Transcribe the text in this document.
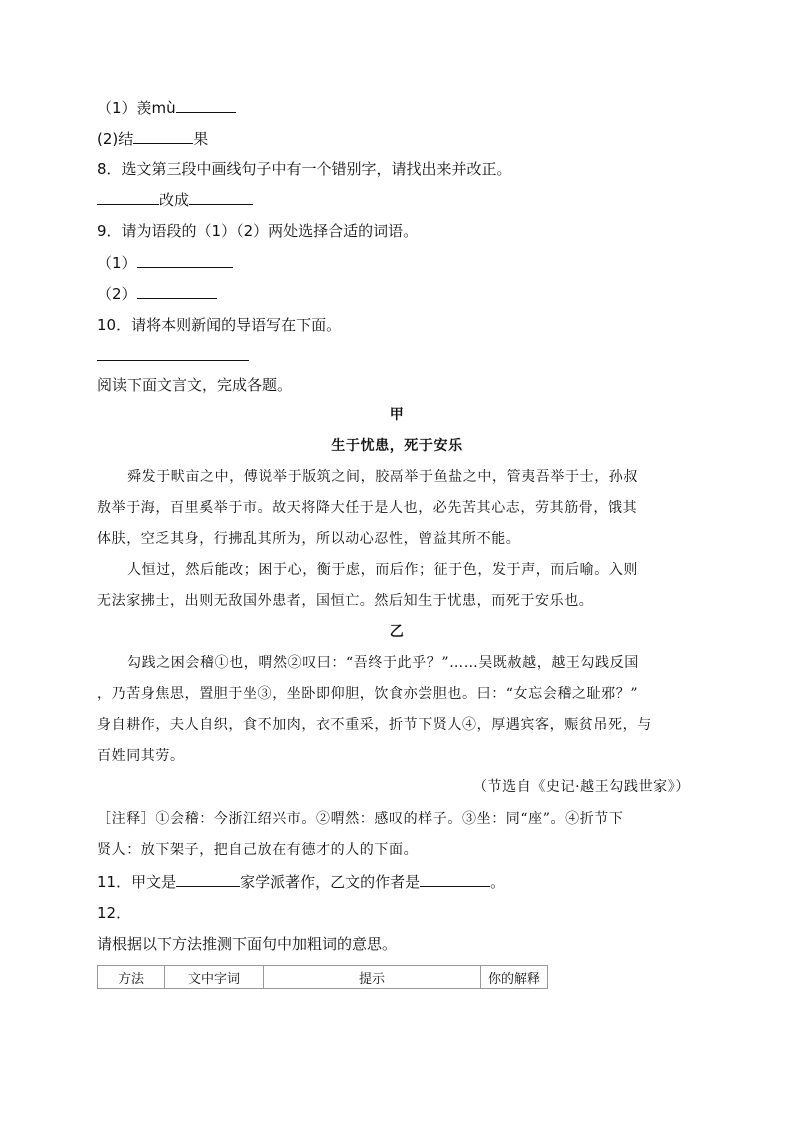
（1）羡mù
(2)结	果
8．选文第三段中画线句子中有一个错别字，请找出来并改正。
改成
9．请为语段的（1）（2）两处选择合适的词语。
（1）
（2）
10．请将本则新闻的导语写在下面。
阅读下面文言文，完成各题。
甲
生于忧患，死于安乐
舜发于畎亩之中，傅说举于版筑之间，胶鬲举于鱼盐之中，管夷吾举于士，孙叔
敖举于海，百里奚举于市。故天将降大任于是人也，必先苦其心志，劳其筋骨，饿其
体肤，空乏其身，行拂乱其所为，所以动心忍性，曾益其所不能。
人恒过，然后能改；困于心，衡于虑，而后作；征于色，发于声，而后喻。入则
无法家拂士，出则无敌国外患者，国恒亡。然后知生于忧患，而死于安乐也。
乙
勾践之困会稽①也，喟然②叹曰：“吾终于此乎？”……吴既赦越，越王勾践反国
，乃苦身焦思，置胆于坐③，坐卧即仰胆，饮食亦尝胆也。曰：“女忘会稽之耻邪？”
身自耕作，夫人自织，食不加肉，衣不重采，折节下贤人④，厚遇宾客，赈贫吊死，与
百姓同其劳。
（节选自《史记·越王勾践世家》）
［注释］①会稽：今浙江绍兴市。②喟然：感叹的样子。③坐：同“座”。④折节下
贤人：放下架子，把自己放在有德才的人的下面。
11．甲文是	家学派著作，乙文的作者是	。
12．
请根据以下方法推测下面句中加粗词的意思。
方法	文中字词	提示	你的解释
